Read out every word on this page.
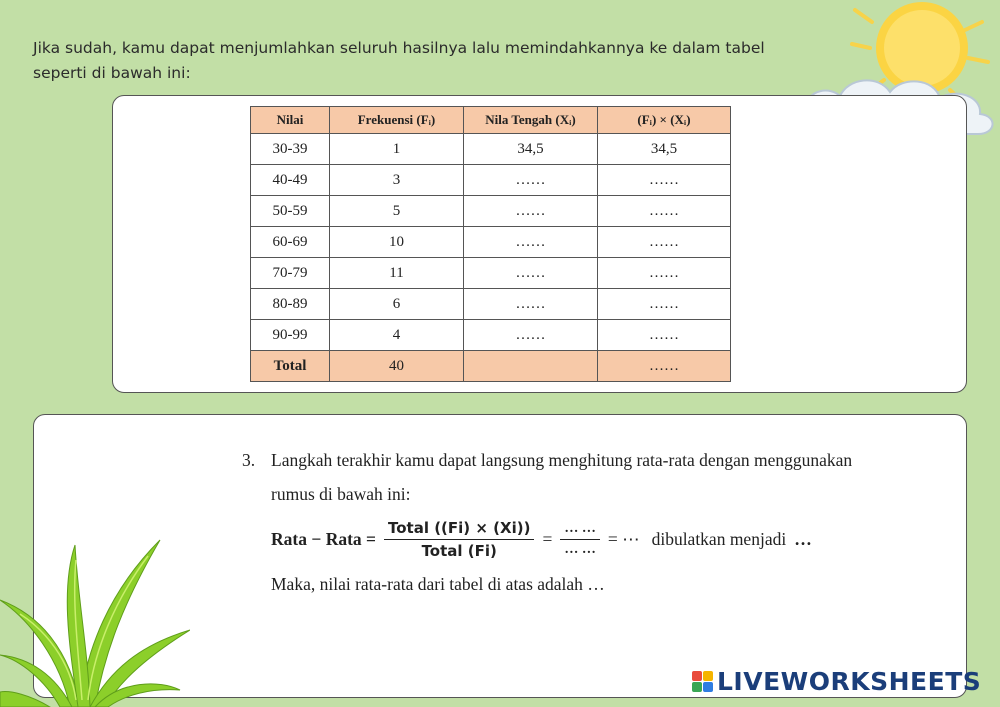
Jika sudah, kamu dapat menjumlahkan seluruh hasilnya lalu memindahkannya ke dalam tabel seperti di bawah ini:
Nilai	Frekuensi (Fᵢ)	Nila Tengah (Xᵢ)	(Fᵢ) × (Xᵢ)
30-39	1	34,5	34,5
40-49	3	……	……
50-59	5	……	……
60-69	10	……	……
70-79	11	……	……
80-89	6	……	……
90-99	4	……	……
Total	40		……
3. Langkah terakhir kamu dapat langsung menghitung rata-rata dengan menggunakan
rumus di bawah ini:
Rata − Rata = $\frac{\text{Total ((Fi) × (Xi))}}{\text{Total (Fi)}} = \frac{\dots \dots}{\dots \dots}$ = ⋯ dibulatkan menjadi …
Maka, nilai rata-rata dari tabel di atas adalah …
LIVEWORKSHEETS
